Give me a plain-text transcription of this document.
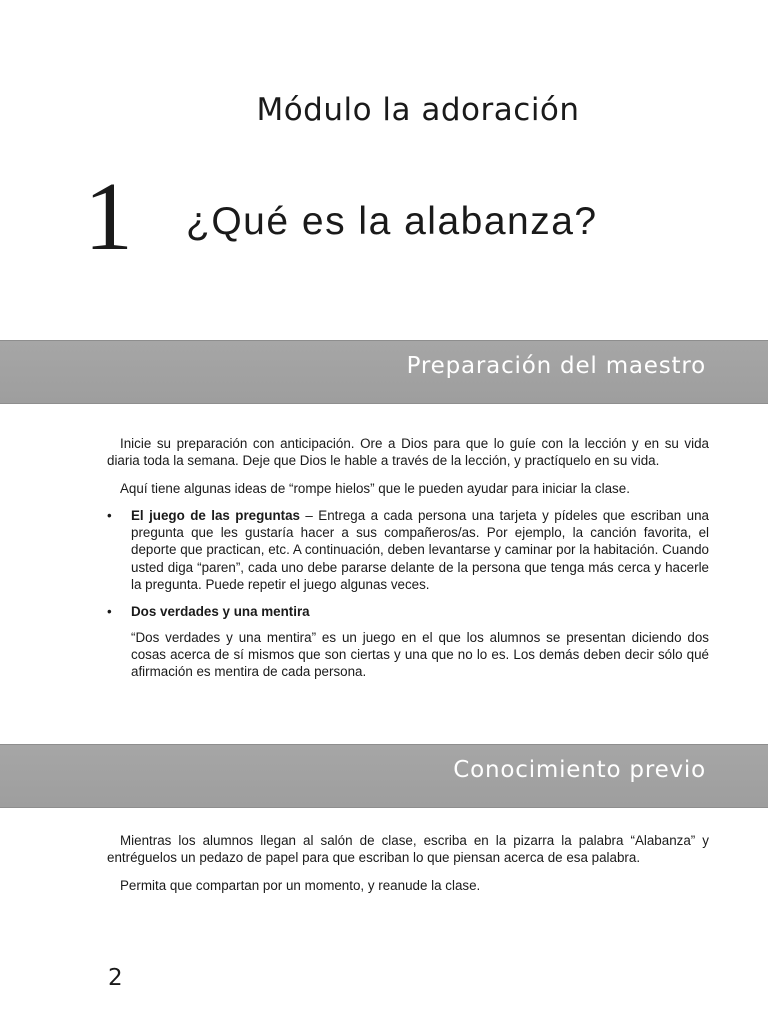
Módulo la adoración
1 ¿Qué es la alabanza?
Preparación del maestro

Inicie su preparación con anticipación. Ore a Dios para que lo guíe con la lección y en su vida diaria toda la semana. Deje que Dios le hable a través de la lección, y practíquelo en su vida.

Aquí tiene algunas ideas de “rompe hielos” que le pueden ayudar para iniciar la clase.

• El juego de las preguntas – Entrega a cada persona una tarjeta y pídeles que escriban una pregunta que les gustaría hacer a sus compañeros/as. Por ejemplo, la canción favorita, el deporte que practican, etc. A continuación, deben levantarse y caminar por la habitación. Cuando usted diga “paren”, cada uno debe pararse delante de la persona que tenga más cerca y hacerle la pregunta. Puede repetir el juego algunas veces.
• Dos verdades y una mentira

“Dos verdades y una mentira” es un juego en el que los alumnos se presentan diciendo dos cosas acerca de sí mismos que son ciertas y una que no lo es. Los demás deben decir sólo qué afirmación es mentira de cada persona.

Conocimiento previo

Mientras los alumnos llegan al salón de clase, escriba en la pizarra la palabra “Alabanza” y entréguelos un pedazo de papel para que escriban lo que piensan acerca de esa palabra.

Permita que compartan por un momento, y reanude la clase.

2
